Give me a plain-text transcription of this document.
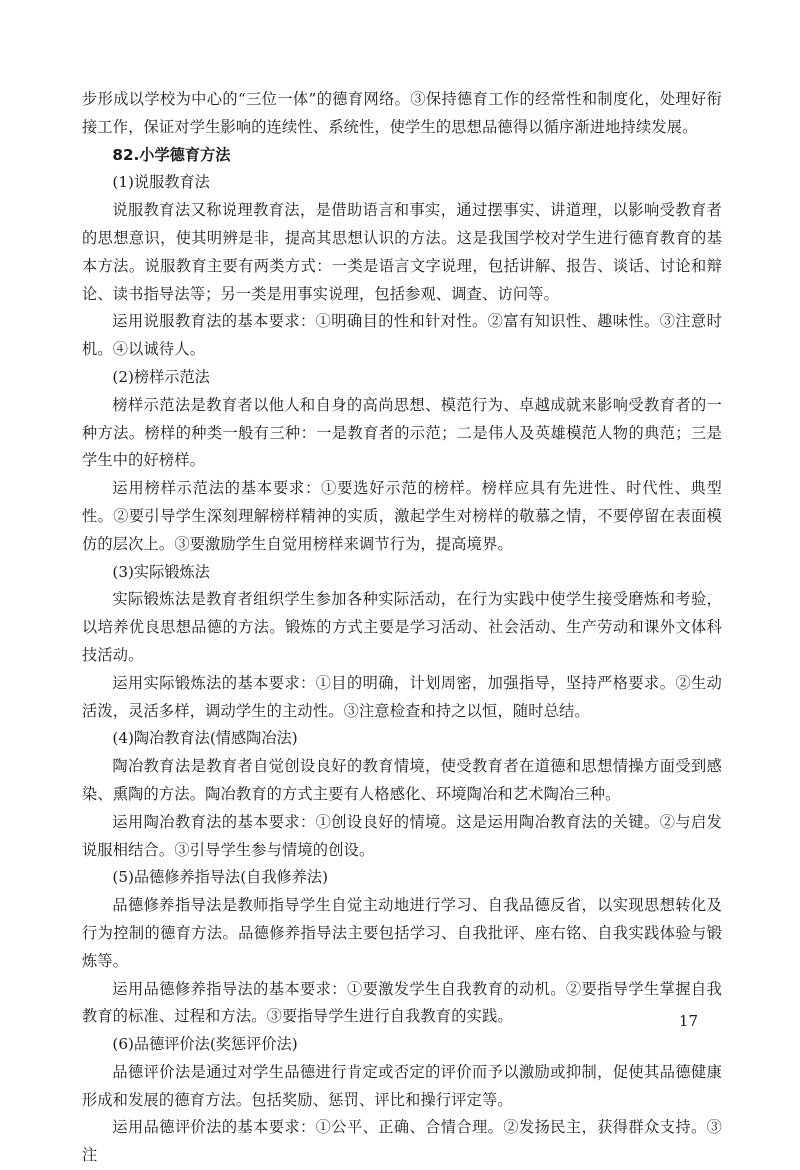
步形成以学校为中心的“三位一体”的德育网络。③保持德育工作的经常性和制度化，处理好衔接工作，保证对学生影响的连续性、系统性，使学生的思想品德得以循序渐进地持续发展。

82.小学德育方法

(1)说服教育法

说服教育法又称说理教育法，是借助语言和事实，通过摆事实、讲道理，以影响受教育者的思想意识，使其明辨是非，提高其思想认识的方法。这是我国学校对学生进行德育教育的基本方法。说服教育主要有两类方式：一类是语言文字说理，包括讲解、报告、谈话、讨论和辩论、读书指导法等；另一类是用事实说理，包括参观、调查、访问等。

运用说服教育法的基本要求：①明确目的性和针对性。②富有知识性、趣味性。③注意时机。④以诚待人。

(2)榜样示范法

榜样示范法是教育者以他人和自身的高尚思想、模范行为、卓越成就来影响受教育者的一种方法。榜样的种类一般有三种：一是教育者的示范；二是伟人及英雄模范人物的典范；三是学生中的好榜样。

运用榜样示范法的基本要求：①要选好示范的榜样。榜样应具有先进性、时代性、典型性。②要引导学生深刻理解榜样精神的实质，激起学生对榜样的敬慕之情，不要停留在表面模仿的层次上。③要激励学生自觉用榜样来调节行为，提高境界。

(3)实际锻炼法

实际锻炼法是教育者组织学生参加各种实际活动，在行为实践中使学生接受磨炼和考验，以培养优良思想品德的方法。锻炼的方式主要是学习活动、社会活动、生产劳动和课外文体科技活动。

运用实际锻炼法的基本要求：①目的明确，计划周密，加强指导，坚持严格要求。②生动活泼，灵活多样，调动学生的主动性。③注意检查和持之以恒，随时总结。

(4)陶冶教育法(情感陶冶法)

陶冶教育法是教育者自觉创设良好的教育情境，使受教育者在道德和思想情操方面受到感染、熏陶的方法。陶冶教育的方式主要有人格感化、环境陶冶和艺术陶冶三种。

运用陶冶教育法的基本要求：①创设良好的情境。这是运用陶冶教育法的关键。②与启发说服相结合。③引导学生参与情境的创设。

(5)品德修养指导法(自我修养法)

品德修养指导法是教师指导学生自觉主动地进行学习、自我品德反省，以实现思想转化及行为控制的德育方法。品德修养指导法主要包括学习、自我批评、座右铭、自我实践体验与锻炼等。

运用品德修养指导法的基本要求：①要激发学生自我教育的动机。②要指导学生掌握自我教育的标准、过程和方法。③要指导学生进行自我教育的实践。

(6)品德评价法(奖惩评价法)

品德评价法是通过对学生品德进行肯定或否定的评价而予以激励或抑制，促使其品德健康形成和发展的德育方法。包括奖励、惩罚、评比和操行评定等。

运用品德评价法的基本要求：①公平、正确、合情合理。②发扬民主，获得群众支持。③注

17
